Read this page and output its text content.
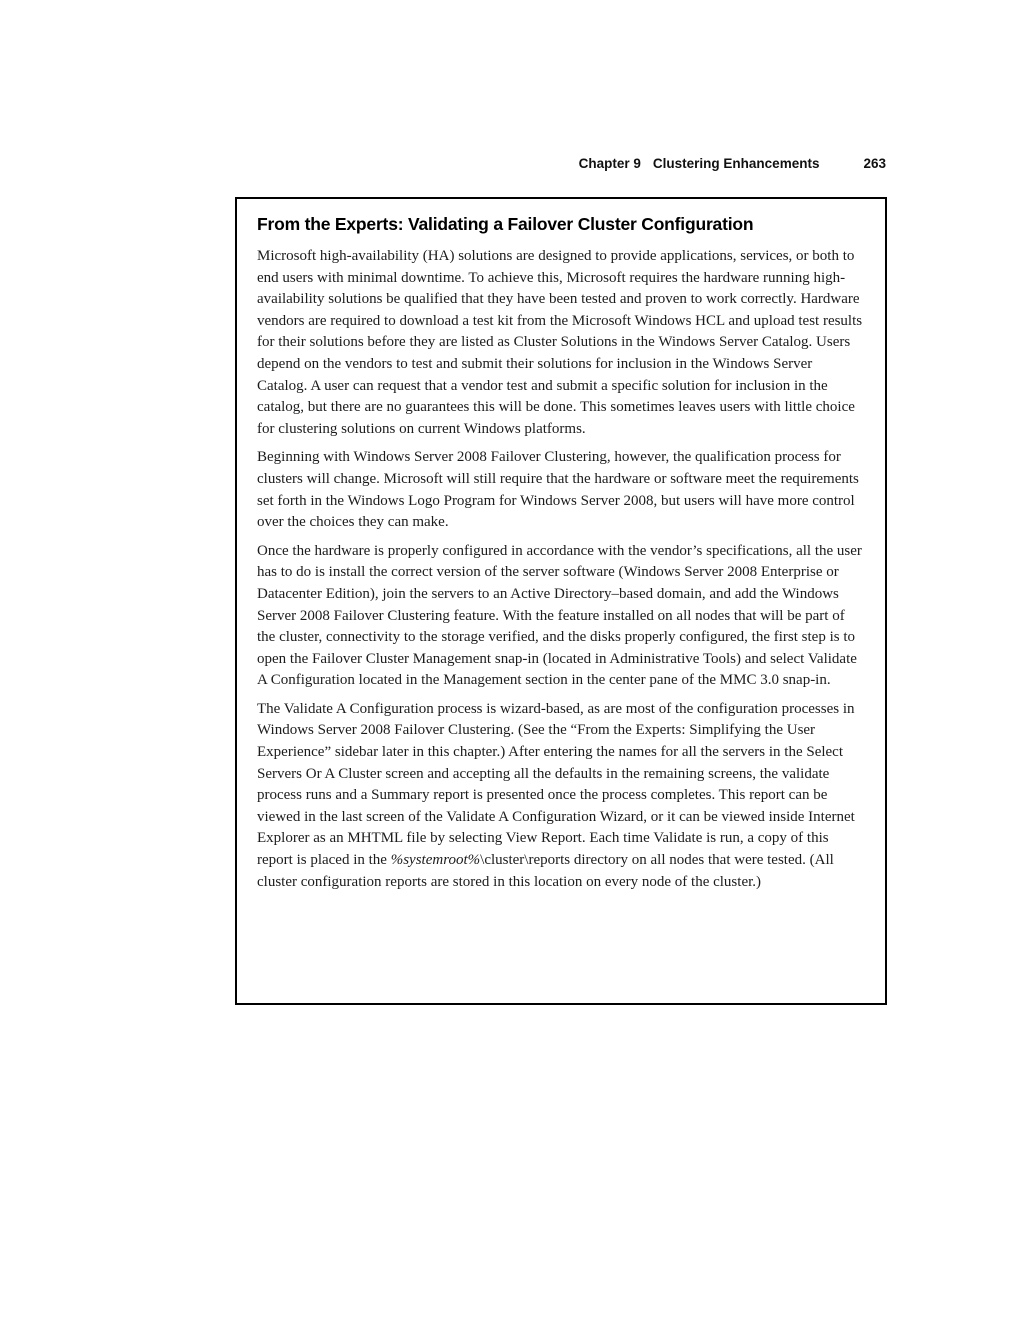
Chapter 9 Clustering Enhancements	263
From the Experts: Validating a Failover Cluster Configuration

Microsoft high-availability (HA) solutions are designed to provide applications, services, or both to end users with minimal downtime. To achieve this, Microsoft requires the hardware running high-availability solutions be qualified that they have been tested and proven to work correctly. Hardware vendors are required to download a test kit from the Microsoft Windows HCL and upload test results for their solutions before they are listed as Cluster Solutions in the Windows Server Catalog. Users depend on the vendors to test and submit their solutions for inclusion in the Windows Server Catalog. A user can request that a vendor test and submit a specific solution for inclusion in the catalog, but there are no guarantees this will be done. This sometimes leaves users with little choice for clustering solutions on current Windows platforms.

Beginning with Windows Server 2008 Failover Clustering, however, the qualification process for clusters will change. Microsoft will still require that the hardware or software meet the requirements set forth in the Windows Logo Program for Windows Server 2008, but users will have more control over the choices they can make.

Once the hardware is properly configured in accordance with the vendor’s specifications, all the user has to do is install the correct version of the server software (Windows Server 2008 Enterprise or Datacenter Edition), join the servers to an Active Directory–based domain, and add the Windows Server 2008 Failover Clustering feature. With the feature installed on all nodes that will be part of the cluster, connectivity to the storage verified, and the disks properly configured, the first step is to open the Failover Cluster Management snap-in (located in Administrative Tools) and select Validate A Configuration located in the Management section in the center pane of the MMC 3.0 snap-in.

The Validate A Configuration process is wizard-based, as are most of the configuration processes in Windows Server 2008 Failover Clustering. (See the “From the Experts: Simplifying the User Experience” sidebar later in this chapter.) After entering the names for all the servers in the Select Servers Or A Cluster screen and accepting all the defaults in the remaining screens, the validate process runs and a Summary report is presented once the process completes. This report can be viewed in the last screen of the Validate A Configuration Wizard, or it can be viewed inside Internet Explorer as an MHTML file by selecting View Report. Each time Validate is run, a copy of this report is placed in the %systemroot%\cluster\reports directory on all nodes that were tested. (All cluster configuration reports are stored in this location on every node of the cluster.)
